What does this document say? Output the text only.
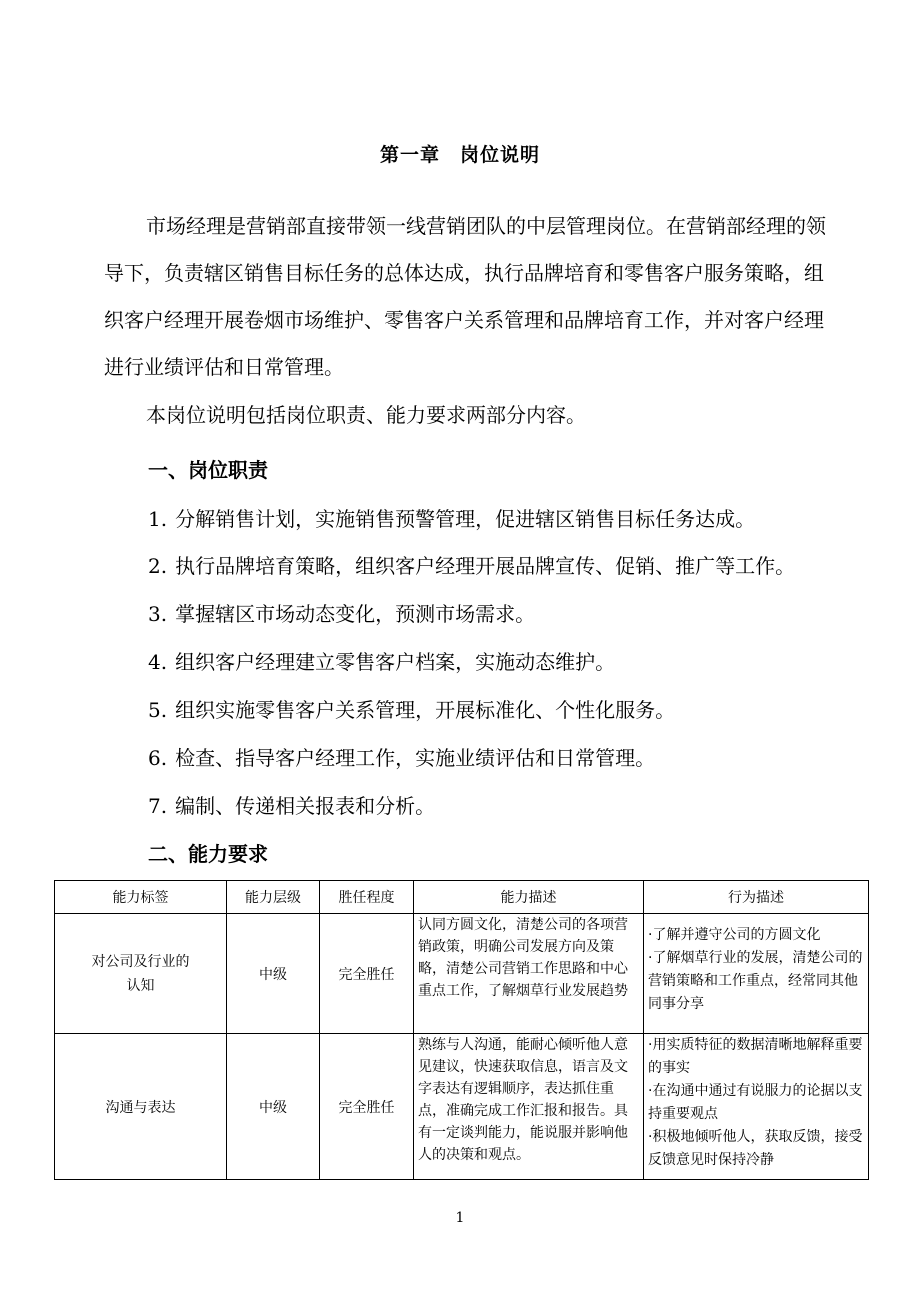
第一章　岗位说明

市场经理是营销部直接带领一线营销团队的中层管理岗位。在营销部经理的领导下，负责辖区销售目标任务的总体达成，执行品牌培育和零售客户服务策略，组织客户经理开展卷烟市场维护、零售客户关系管理和品牌培育工作，并对客户经理进行业绩评估和日常管理。

本岗位说明包括岗位职责、能力要求两部分内容。

一、岗位职责
1. 分解销售计划，实施销售预警管理，促进辖区销售目标任务达成。
2. 执行品牌培育策略，组织客户经理开展品牌宣传、促销、推广等工作。
3. 掌握辖区市场动态变化，预测市场需求。
4. 组织客户经理建立零售客户档案，实施动态维护。
5. 组织实施零售客户关系管理，开展标准化、个性化服务。
6. 检查、指导客户经理工作，实施业绩评估和日常管理。
7. 编制、传递相关报表和分析。
二、能力要求
能力标签	能力层级	胜任程度	能力描述	行为描述
对公司及行业的认知	中级	完全胜任	认同方圆文化，清楚公司的各项营销政策，明确公司发展方向及策略，清楚公司营销工作思路和中心重点工作，了解烟草行业发展趋势	·了解并遵守公司的方圆文化
·了解烟草行业的发展，清楚公司的营销策略和工作重点，经常同其他同事分享

沟通与表达	中级	完全胜任	熟练与人沟通，能耐心倾听他人意见建议，快速获取信息，语言及文字表达有逻辑顺序，表达抓住重点，准确完成工作汇报和报告。具有一定谈判能力，能说服并影响他人的决策和观点。	·用实质特征的数据清晰地解释重要的事实
·在沟通中通过有说服力的论据以支持重要观点
·积极地倾听他人，获取反馈，接受反馈意见时保持冷静
1
